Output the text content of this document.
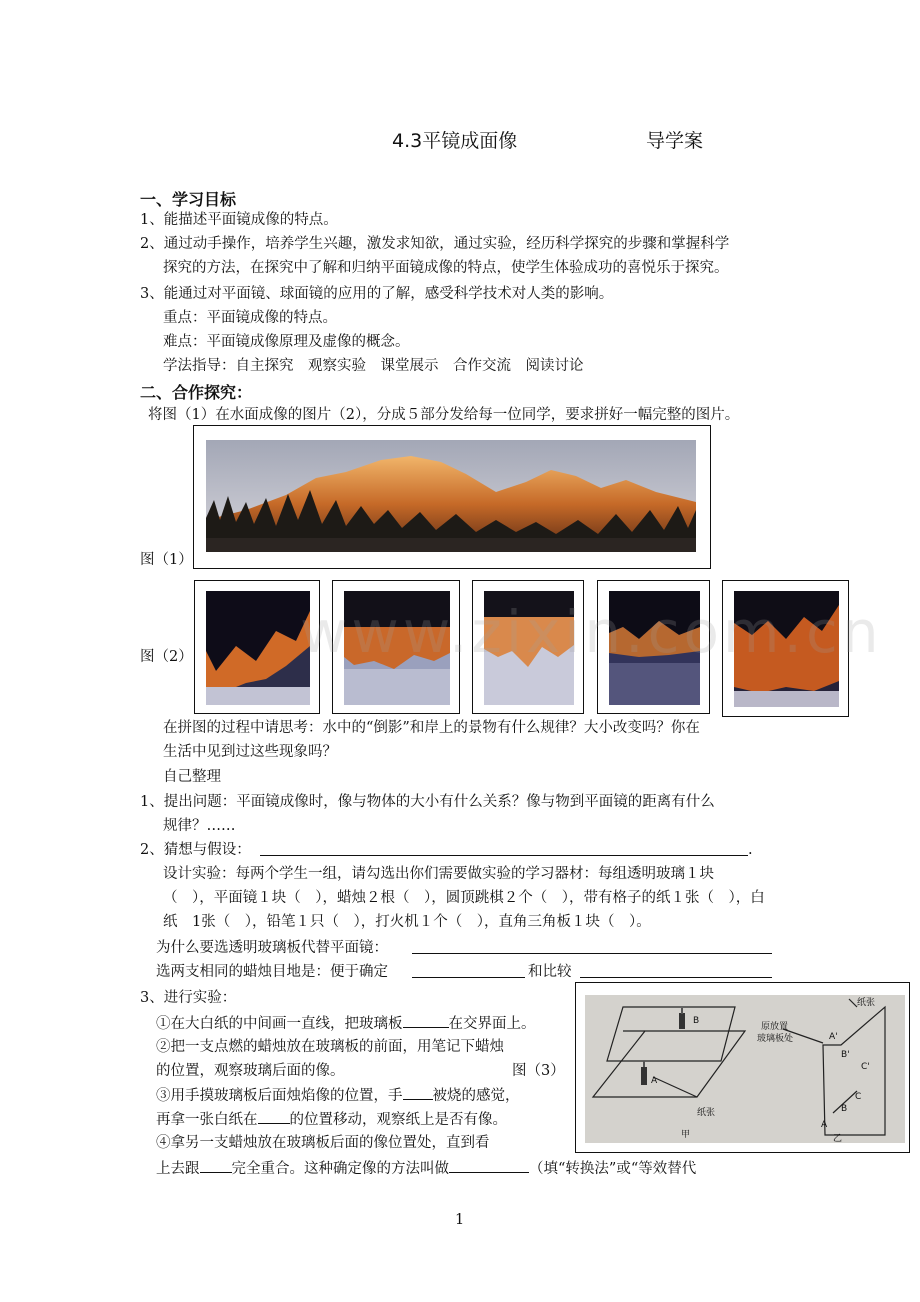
4.3平镜成面像	导学案
一、学习目标
1、能描述平面镜成像的特点。
2、通过动手操作，培养学生兴趣，激发求知欲，通过实验，经历科学探究的步骤和掌握科学
探究的方法，在探究中了解和归纳平面镜成像的特点，使学生体验成功的喜悦乐于探究。
3、能通过对平面镜、球面镜的应用的了解，感受科学技术对人类的影响。
重点：平面镜成像的特点。
难点：平面镜成像原理及虚像的概念。
学法指导：自主探究　观察实验　课堂展示　合作交流　阅读讨论
二、合作探究：
将图（1）在水面成像的图片（2），分成５部分发给每一位同学，要求拼好一幅完整的图片。
图（1）
图（2） www.zixin.com.cn
在拼图的过程中请思考：水中的“倒影”和岸上的景物有什么规律？大小改变吗？你在
生活中见到过这些现象吗？
自己整理
1、提出问题：平面镜成像时，像与物体的大小有什么关系？像与物到平面镜的距离有什么
规律？……
2、猜想与假设：	.
设计实验：每两个学生一组，请勾选出你们需要做实验的学习器材：每组透明玻璃１块
（　），平面镜１块（　），蜡烛２根（　），圆顶跳棋２个（　），带有格子的纸１张（　），白
纸　1张（　），铅笔１只（　），打火机１个（　），直角三角板１块（　）。
为什么要选透明玻璃板代替平面镜：
选两支相同的蜡烛目地是：便于确定	和比较
3、进行实验：
①在大白纸的中间画一直线，把玻璃板	在交界面上。
②把一支点燃的蜡烛放在玻璃板的前面，用笔记下蜡烛
的位置，观察玻璃后面的像。	图（3）
③用手摸玻璃板后面烛焰像的位置，手 被烧的感觉，
再拿一张白纸在 的位置移动，观察纸上是否有像。
④拿另一支蜡烛放在玻璃板后面的像位置处，直到看
上去跟 完全重合。这种确定像的方法叫做	（填“转换法”或“等效替代
B
A
纸张
甲
原放置
玻璃板处
纸张
A'
B'
C'
A
B
C
乙
1
